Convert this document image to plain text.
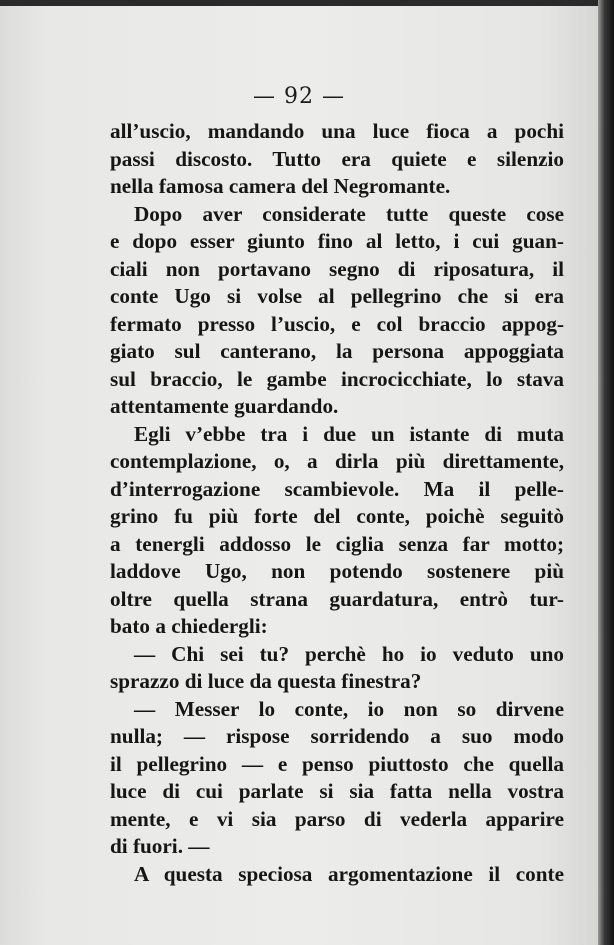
— 92 —
all’uscio, mandando una luce fioca a pochi
passi discosto. Tutto era quiete e silenzio
nella famosa camera del Negromante.
Dopo aver considerate tutte queste cose
e dopo esser giunto fino al letto, i cui guan-
ciali non portavano segno di riposatura, il
conte Ugo si volse al pellegrino che si era
fermato presso l’uscio, e col braccio appog-
giato sul canterano, la persona appoggiata
sul braccio, le gambe incrocicchiate, lo stava
attentamente guardando.
Egli v’ebbe tra i due un istante di muta
contemplazione, o, a dirla più direttamente,
d’interrogazione scambievole. Ma il pelle-
grino fu più forte del conte, poichè seguitò
a tenergli addosso le ciglia senza far motto;
laddove Ugo, non potendo sostenere più
oltre quella strana guardatura, entrò tur-
bato a chiedergli:
— Chi sei tu? perchè ho io veduto uno
sprazzo di luce da questa finestra?
— Messer lo conte, io non so dirvene
nulla; — rispose sorridendo a suo modo
il pellegrino — e penso piuttosto che quella
luce di cui parlate si sia fatta nella vostra
mente, e vi sia parso di vederla apparire
di fuori. —
A questa speciosa argomentazione il conte
